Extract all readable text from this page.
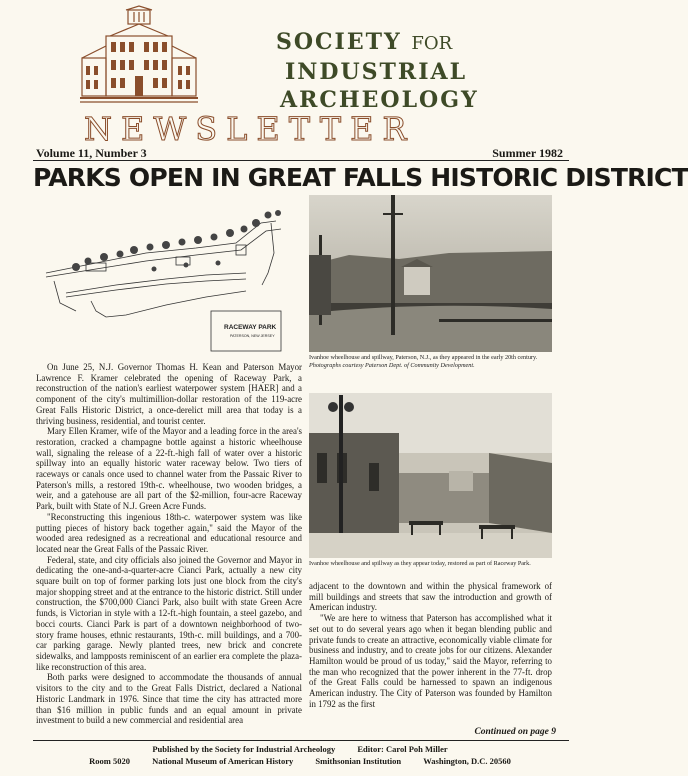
SOCIETY FOR
INDUSTRIAL
ARCHEOLOGY
NEWSLETTER
Volume 11, Number 3	Summer 1982
PARKS OPEN IN GREAT FALLS HISTORIC DISTRICT
RACEWAY PARK
PATERSON, NEW JERSEY
Ivanhoe wheelhouse and spillway, Paterson, N.J., as they appeared in the early 20th century. Photographs courtesy Paterson Dept. of Community Development.
Ivanhoe wheelhouse and spillway as they appear today, restored as part of Raceway Park.

On June 25, N.J. Governor Thomas H. Kean and Paterson Mayor Lawrence F. Kramer celebrated the opening of Raceway Park, a reconstruction of the nation's earliest waterpower system [HAER] and a component of the city's multimillion-dollar restoration of the 119-acre Great Falls Historic District, a once-derelict mill area that today is a thriving business, residential, and tourist center.

Mary Ellen Kramer, wife of the Mayor and a leading force in the area's restoration, cracked a champagne bottle against a historic wheelhouse wall, signaling the release of a 22-ft.-high fall of water over a historic spillway into an equally historic water raceway below. Two tiers of raceways or canals once used to channel water from the Passaic River to Paterson's mills, a restored 19th-c. wheelhouse, two wooden bridges, a weir, and a gatehouse are all part of the $2-million, four-acre Raceway Park, built with State of N.J. Green Acre Funds.

"Reconstructing this ingenious 18th-c. waterpower system was like putting pieces of history back together again," said the Mayor of the wooded area redesigned as a recreational and educational resource and located near the Great Falls of the Passaic River.

Federal, state, and city officials also joined the Governor and Mayor in dedicating the one-and-a-quarter-acre Cianci Park, actually a new city square built on top of former parking lots just one block from the city's major shopping street and at the entrance to the historic district. Still under construction, the $700,000 Cianci Park, also built with state Green Acre funds, is Victorian in style with a 12-ft.-high fountain, a steel gazebo, and bocci courts. Cianci Park is part of a downtown neighborhood of two-story frame houses, ethnic restaurants, 19th-c. mill buildings, and a 700-car parking garage. Newly planted trees, new brick and concrete sidewalks, and lampposts reminiscent of an earlier era complete the plaza-like reconstruction of this area.

Both parks were designed to accommodate the thousands of annual visitors to the city and to the Great Falls District, declared a National Historic Landmark in 1976. Since that time the city has attracted more than $16 million in public funds and an equal amount in private investment to build a new commercial and residential area

adjacent to the downtown and within the physical framework of mill buildings and streets that saw the introduction and growth of American industry.

"We are here to witness that Paterson has accomplished what it set out to do several years ago when it began blending public and private funds to create an attractive, economically viable climate for business and industry, and to create jobs for our citizens. Alexander Hamilton would be proud of us today," said the Mayor, referring to the man who recognized that the power inherent in the 77-ft. drop of the Great Falls could be harnessed to spawn an indigenous American industry. The City of Paterson was founded by Hamilton in 1792 as the first

Continued on page 9
Published by the Society for Industrial Archeology	Editor: Carol Poh Miller
Room 5020	National Museum of American History	Smithsonian Institution	Washington, D.C. 20560
